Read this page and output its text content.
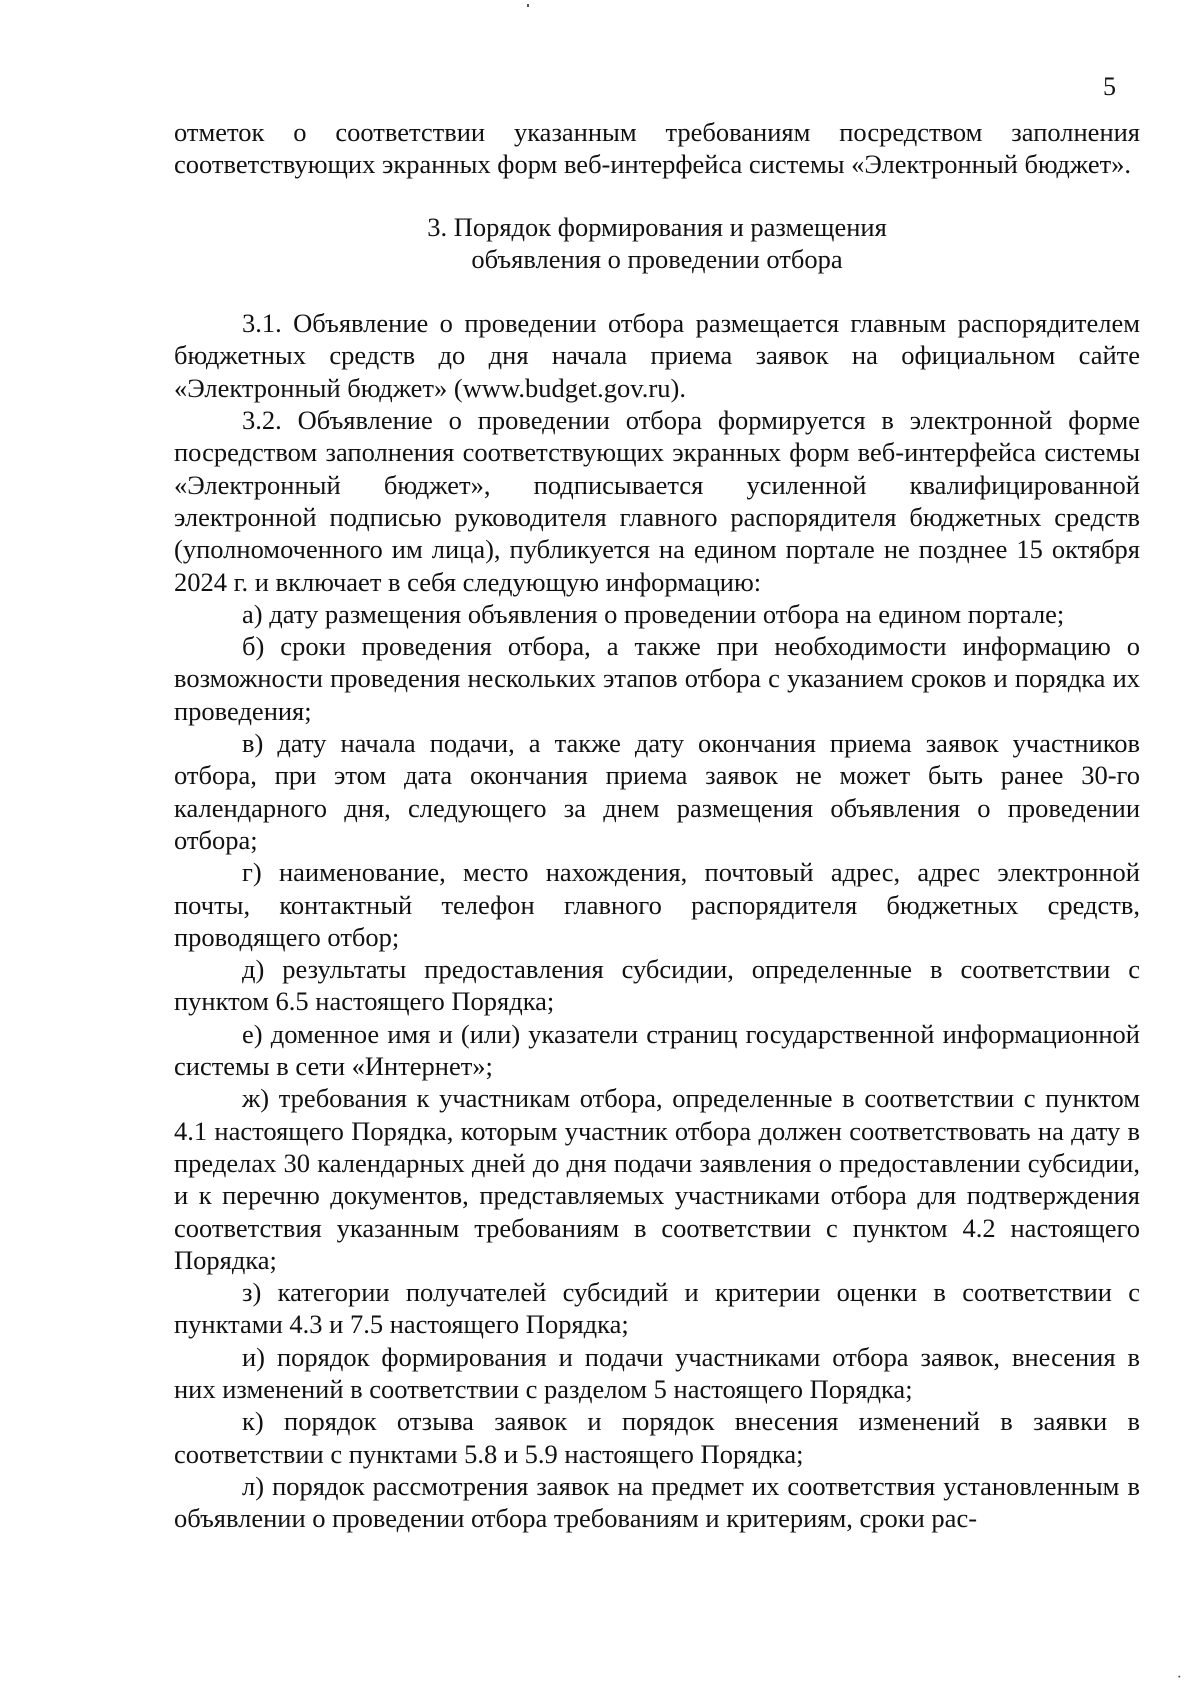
5

отметок о соответствии указанным требованиям посредством заполнения соответствующих экранных форм веб-интерфейса системы «Электронный бюджет».

3. Порядок формирования и размещения
объявления о проведении отбора

3.1. Объявление о проведении отбора размещается главным распорядителем бюджетных средств до дня начала приема заявок на официальном сайте «Электронный бюджет» (www.budget.gov.ru).

3.2. Объявление о проведении отбора формируется в электронной форме посредством заполнения соответствующих экранных форм веб-интерфейса системы «Электронный бюджет», подписывается усиленной квалифицированной электронной подписью руководителя главного распорядителя бюджетных средств (уполномоченного им лица), публикуется на едином портале не позднее 15 октября 2024 г. и включает в себя следующую информацию:

а) дату размещения объявления о проведении отбора на едином портале;

б) сроки проведения отбора, а также при необходимости информацию о возможности проведения нескольких этапов отбора с указанием сроков и порядка их проведения;

в) дату начала подачи, а также дату окончания приема заявок участников отбора, при этом дата окончания приема заявок не может быть ранее 30-го календарного дня, следующего за днем размещения объявления о проведении отбора;

г) наименование, место нахождения, почтовый адрес, адрес электронной почты, контактный телефон главного распорядителя бюджетных средств, проводящего отбор;

д) результаты предоставления субсидии, определенные в соответствии с пунктом 6.5 настоящего Порядка;

е) доменное имя и (или) указатели страниц государственной информационной системы в сети «Интернет»;

ж) требования к участникам отбора, определенные в соответствии с пунктом 4.1 настоящего Порядка, которым участник отбора должен соответствовать на дату в пределах 30 календарных дней до дня подачи заявления о предоставлении субсидии, и к перечню документов, представляемых участниками отбора для подтверждения соответствия указанным требованиям в соответствии с пунктом 4.2 настоящего Порядка;

з) категории получателей субсидий и критерии оценки в соответствии с пунктами 4.3 и 7.5 настоящего Порядка;

и) порядок формирования и подачи участниками отбора заявок, внесения в них изменений в соответствии с разделом 5 настоящего Порядка;

к) порядок отзыва заявок и порядок внесения изменений в заявки в соответствии с пунктами 5.8 и 5.9 настоящего Порядка;

л) порядок рассмотрения заявок на предмет их соответствия установленным в объявлении о проведении отбора требованиям и критериям, сроки рас-

·
